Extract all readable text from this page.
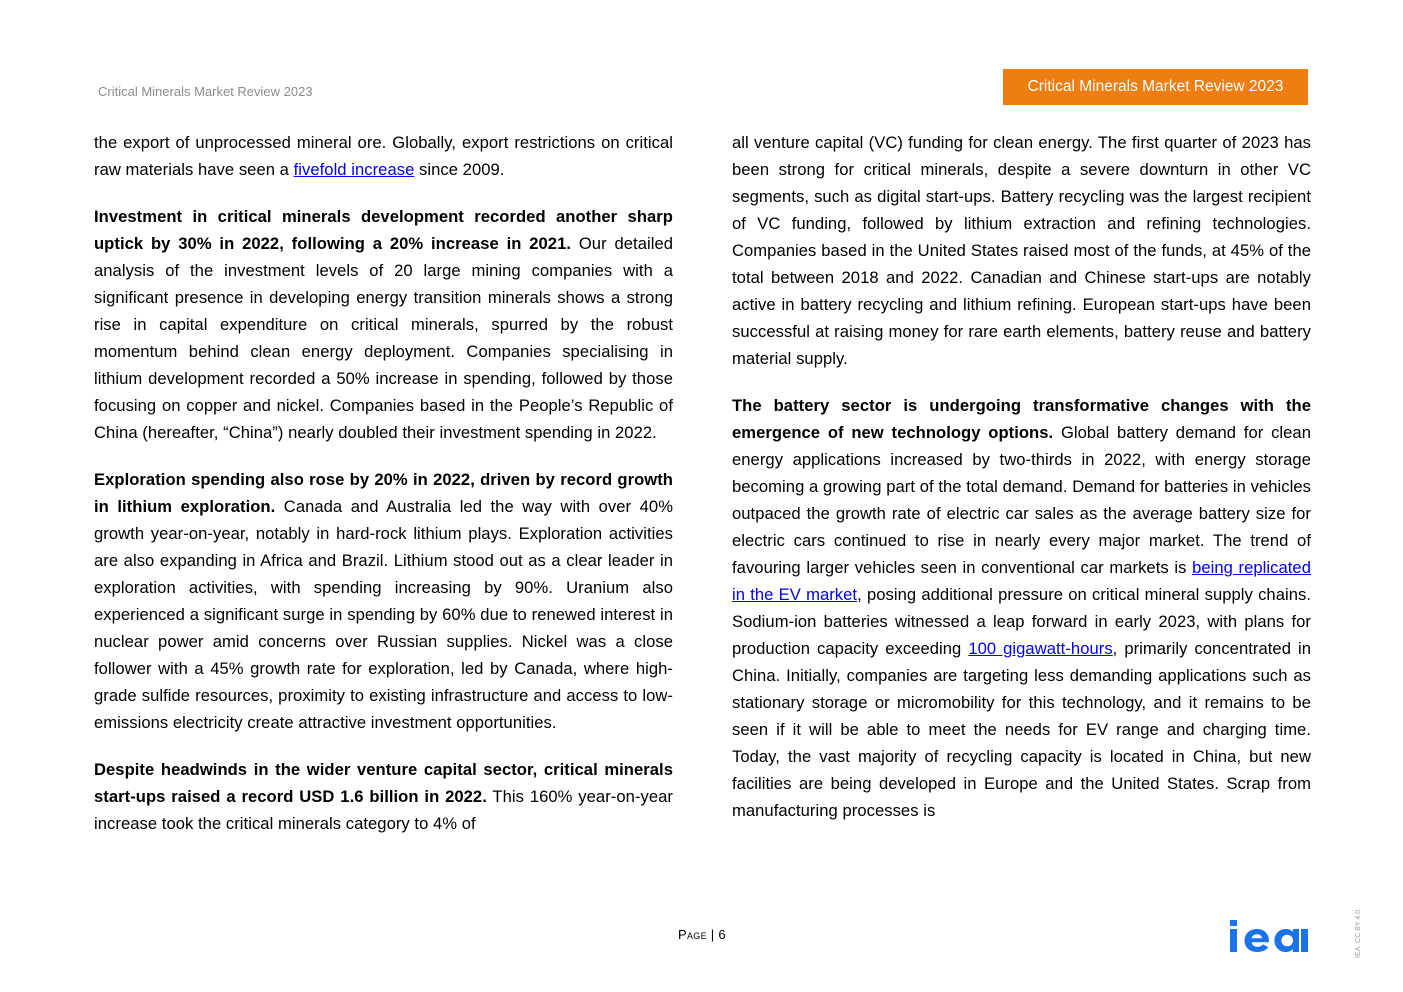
Critical Minerals Market Review 2023	Critical Minerals Market Review 2023

the export of unprocessed mineral ore. Globally, export restrictions on critical raw materials have seen a fivefold increase since 2009.

Investment in critical minerals development recorded another sharp uptick by 30% in 2022, following a 20% increase in 2021. Our detailed analysis of the investment levels of 20 large mining companies with a significant presence in developing energy transition minerals shows a strong rise in capital expenditure on critical minerals, spurred by the robust momentum behind clean energy deployment. Companies specialising in lithium development recorded a 50% increase in spending, followed by those focusing on copper and nickel. Companies based in the People’s Republic of China (hereafter, “China”) nearly doubled their investment spending in 2022.

Exploration spending also rose by 20% in 2022, driven by record growth in lithium exploration. Canada and Australia led the way with over 40% growth year-on-year, notably in hard-rock lithium plays. Exploration activities are also expanding in Africa and Brazil. Lithium stood out as a clear leader in exploration activities, with spending increasing by 90%. Uranium also experienced a significant surge in spending by 60% due to renewed interest in nuclear power amid concerns over Russian supplies. Nickel was a close follower with a 45% growth rate for exploration, led by Canada, where high-grade sulfide resources, proximity to existing infrastructure and access to low-emissions electricity create attractive investment opportunities.

Despite headwinds in the wider venture capital sector, critical minerals start-ups raised a record USD 1.6 billion in 2022. This 160% year-on-year increase took the critical minerals category to 4% of

all venture capital (VC) funding for clean energy. The first quarter of 2023 has been strong for critical minerals, despite a severe downturn in other VC segments, such as digital start-ups. Battery recycling was the largest recipient of VC funding, followed by lithium extraction and refining technologies. Companies based in the United States raised most of the funds, at 45% of the total between 2018 and 2022. Canadian and Chinese start-ups are notably active in battery recycling and lithium refining. European start-ups have been successful at raising money for rare earth elements, battery reuse and battery material supply.

The battery sector is undergoing transformative changes with the emergence of new technology options. Global battery demand for clean energy applications increased by two-thirds in 2022, with energy storage becoming a growing part of the total demand. Demand for batteries in vehicles outpaced the growth rate of electric car sales as the average battery size for electric cars continued to rise in nearly every major market. The trend of favouring larger vehicles seen in conventional car markets is being replicated in the EV market, posing additional pressure on critical mineral supply chains. Sodium-ion batteries witnessed a leap forward in early 2023, with plans for production capacity exceeding 100 gigawatt-hours, primarily concentrated in China. Initially, companies are targeting less demanding applications such as stationary storage or micromobility for this technology, and it remains to be seen if it will be able to meet the needs for EV range and charging time. Today, the vast majority of recycling capacity is located in China, but new facilities are being developed in Europe and the United States. Scrap from manufacturing processes is

Page | 6	IEA. CC BY 4.0.
